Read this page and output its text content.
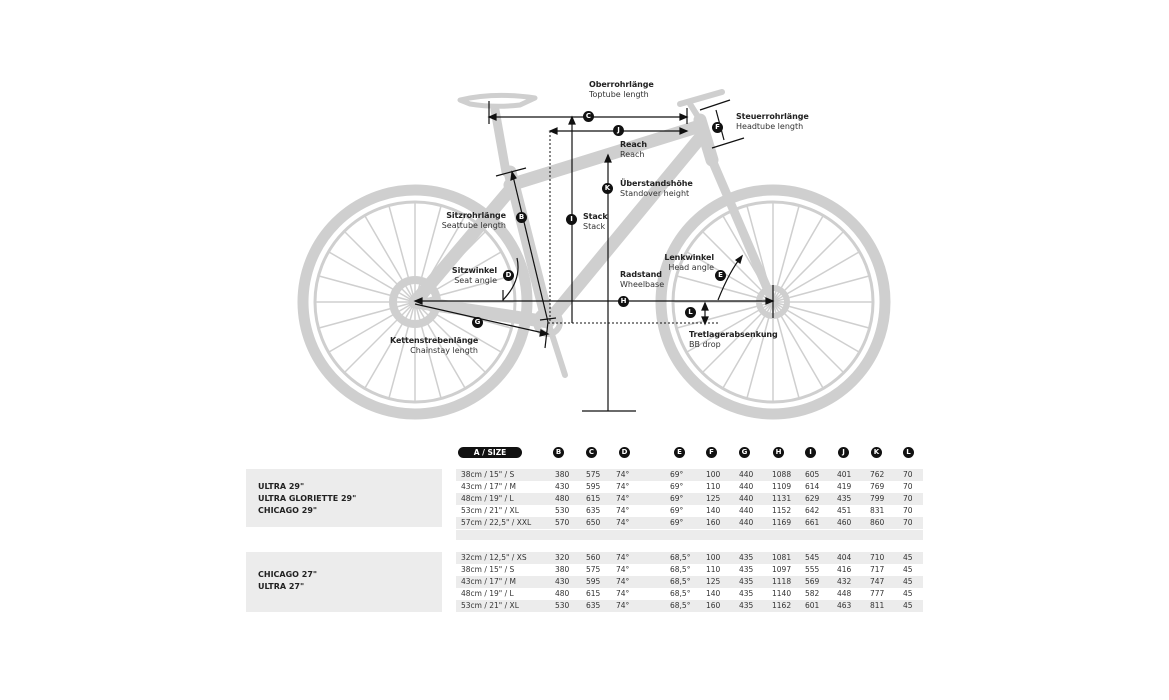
C
J	F
K
I
B
D	E
H
L
G
Oberrohrlänge
Toptube length
Steuerrohrlänge
Headtube length
Reach
Reach
Überstandshöhe
Standover height
Stack
Stack
Sitzrohrlänge
Seattube length
Sitzwinkel
Seat angle
Lenkwinkel
Head angle
Radstand
Wheelbase
Kettenstrebenlänge
Chainstay length
Tretlagerabsenkung
BB drop
A / SIZE	B	C	D	E	F	G	H	I	J	K	L
ULTRA 29"
ULTRA GLORIETTE 29"
CHICAGO 29"
38cm / 15" / S	380 575 74°	69°	100 440 1088 605 401 762 70
43cm / 17" / M	430 595 74°	69°	110 440 1109 614 419 769 70
48cm / 19" / L	480 615 74°	69°	125 440 1131 629 435 799 70
53cm / 21" / XL	530 635 74°	69°	140 440 1152 642 451 831 70
57cm / 22,5" / XXL	570 650 74°	69°	160 440 1169 661 460 860 70
CHICAGO 27"
ULTRA 27"
32cm / 12,5" / XS	320 560 74°	68,5° 100 435 1081 545 404 710 45
38cm / 15" / S	380 575 74°	68,5° 110 435 1097 555 416 717 45
43cm / 17" / M	430 595 74°	68,5° 125 435 1118 569 432 747 45
48cm / 19" / L	480 615 74°	68,5° 140 435 1140 582 448 777 45
53cm / 21" / XL	530 635 74°	68,5° 160 435 1162 601 463 811 45
